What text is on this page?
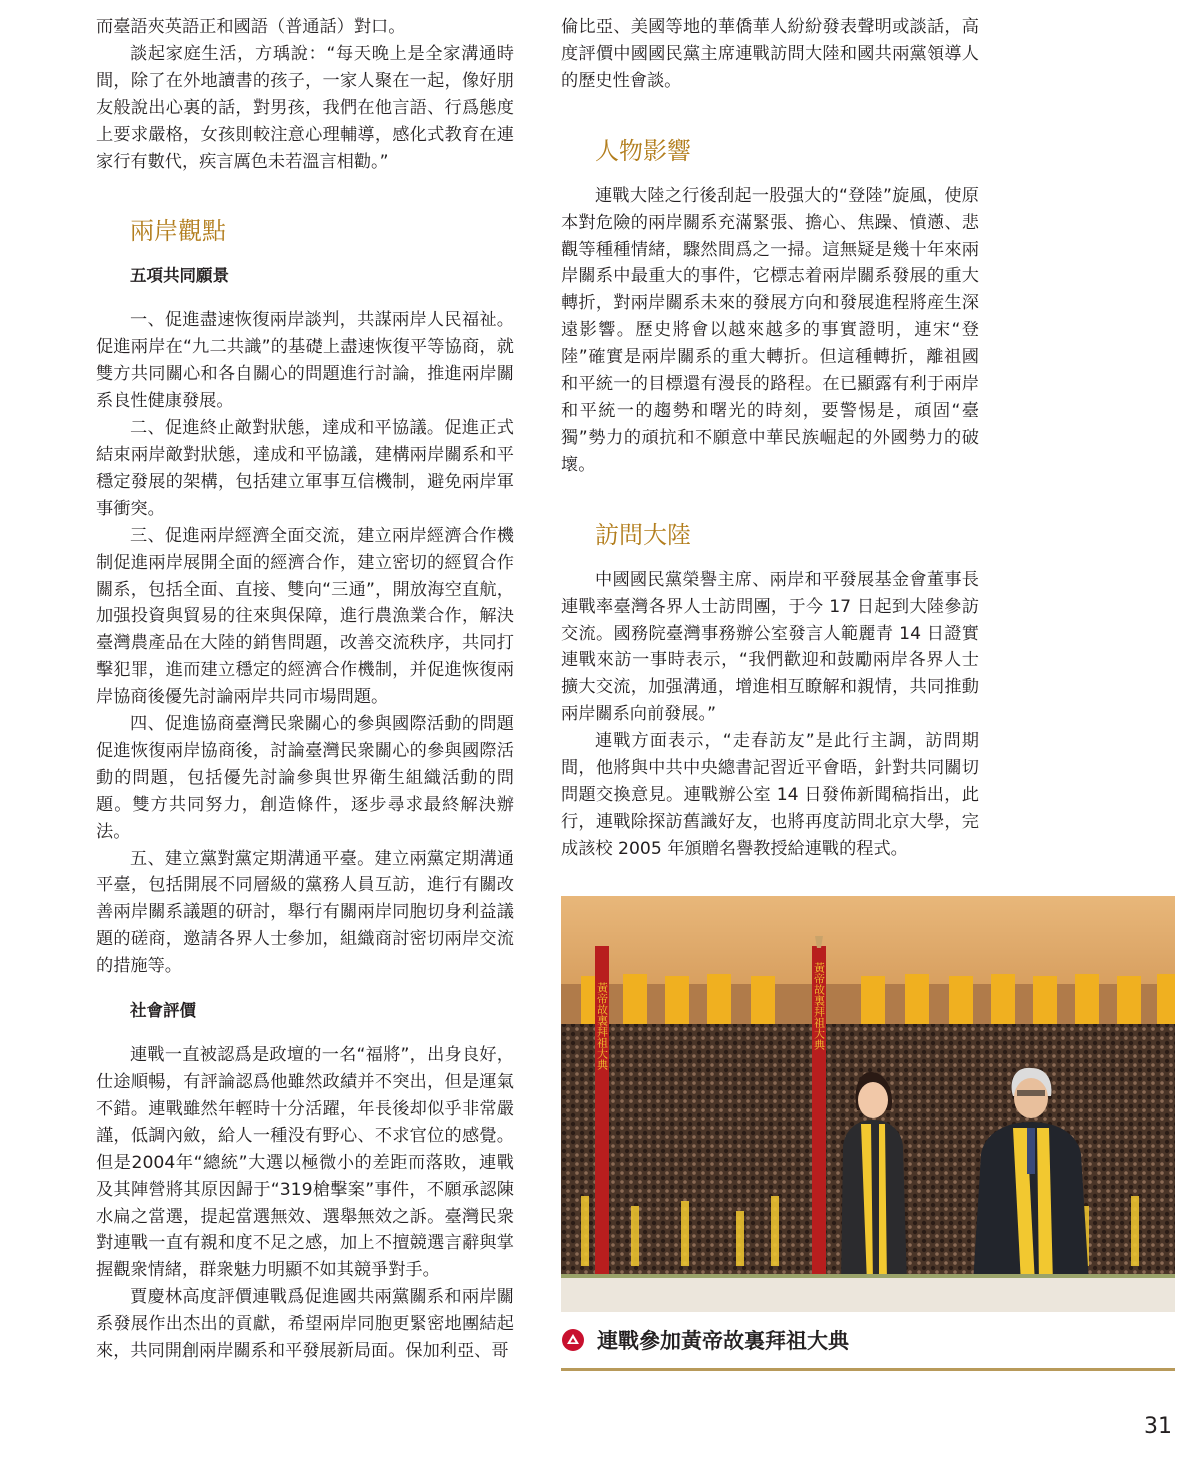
而臺語夾英語正和國語（普通話）對口。

談起家庭生活，方瑀說：“每天晚上是全家溝通時間，除了在外地讀書的孩子，一家人聚在一起，像好朋友般說出心裏的話，對男孩，我們在他言語、行爲態度上要求嚴格，女孩則較注意心理輔導，感化式教育在連家行有數代，疾言厲色未若溫言相勸。”

兩岸觀點
五項共同願景

一、促進盡速恢復兩岸談判，共謀兩岸人民福祉。促進兩岸在“九二共識”的基礎上盡速恢復平等協商，就雙方共同關心和各自關心的問題進行討論，推進兩岸關系良性健康發展。

二、促進終止敵對狀態，達成和平協議。促進正式結束兩岸敵對狀態，達成和平協議，建構兩岸關系和平穩定發展的架構，包括建立軍事互信機制，避免兩岸軍事衝突。

三、促進兩岸經濟全面交流，建立兩岸經濟合作機制促進兩岸展開全面的經濟合作，建立密切的經貿合作關系，包括全面、直接、雙向“三通”，開放海空直航，加强投資與貿易的往來與保障，進行農漁業合作，解決臺灣農產品在大陸的銷售問題，改善交流秩序，共同打擊犯罪，進而建立穩定的經濟合作機制，并促進恢復兩岸協商後優先討論兩岸共同市場問題。

四、促進協商臺灣民衆關心的參與國際活動的問題促進恢復兩岸協商後，討論臺灣民衆關心的參與國際活動的問題，包括優先討論參與世界衛生組織活動的問題。雙方共同努力，創造條件，逐步尋求最終解決辦法。

五、建立黨對黨定期溝通平臺。建立兩黨定期溝通平臺，包括開展不同層級的黨務人員互訪，進行有關改善兩岸關系議題的研討，舉行有關兩岸同胞切身利益議題的磋商，邀請各界人士參加，組織商討密切兩岸交流的措施等。

社會評價

連戰一直被認爲是政壇的一名“福將”，出身良好，仕途順暢，有評論認爲他雖然政績并不突出，但是運氣不錯。連戰雖然年輕時十分活躍，年長後却似乎非常嚴謹，低調內斂，給人一種没有野心、不求官位的感覺。但是2004年“總統”大選以極微小的差距而落敗，連戰及其陣營將其原因歸于“319槍擊案”事件，不願承認陳水扁之當選，提起當選無效、選舉無效之訴。臺灣民衆對連戰一直有親和度不足之感，加上不擅競選言辭與掌握觀衆情緒，群衆魅力明顯不如其競爭對手。

賈慶林高度評價連戰爲促進國共兩黨關系和兩岸關系發展作出杰出的貢獻，希望兩岸同胞更緊密地團結起來，共同開創兩岸關系和平發展新局面。保加利亞、哥

倫比亞、美國等地的華僑華人紛紛發表聲明或談話，高度評價中國國民黨主席連戰訪問大陸和國共兩黨領導人的歷史性會談。

人物影響

連戰大陸之行後刮起一股强大的“登陸”旋風，使原本對危險的兩岸關系充滿緊張、擔心、焦躁、憤懣、悲觀等種種情緒，驟然間爲之一掃。這無疑是幾十年來兩岸關系中最重大的事件，它標志着兩岸關系發展的重大轉折，對兩岸關系未來的發展方向和發展進程將産生深遠影響。歷史將會以越來越多的事實證明，連宋“登陸”確實是兩岸關系的重大轉折。但這種轉折，離祖國和平統一的目標還有漫長的路程。在已顯露有利于兩岸和平統一的趨勢和曙光的時刻，要警惕是，頑固“臺獨”勢力的頑抗和不願意中華民族崛起的外國勢力的破壞。

訪問大陸

中國國民黨榮譽主席、兩岸和平發展基金會董事長連戰率臺灣各界人士訪問團，于今 17 日起到大陸參訪交流。國務院臺灣事務辦公室發言人範麗青 14 日證實連戰來訪一事時表示，“我們歡迎和鼓勵兩岸各界人士擴大交流，加强溝通，增進相互瞭解和親情，共同推動兩岸關系向前發展。”

連戰方面表示，“走春訪友”是此行主調，訪問期間，他將與中共中央總書記習近平會晤，針對共同關切問題交換意見。連戰辦公室 14 日發佈新聞稿指出，此行，連戰除探訪舊識好友，也將再度訪問北京大學，完成該校 2005 年頒贈名譽教授給連戰的程式。

黃帝故裏拜祖大典	黃帝故裏拜祖大典
連戰參加黃帝故裏拜祖大典
31
